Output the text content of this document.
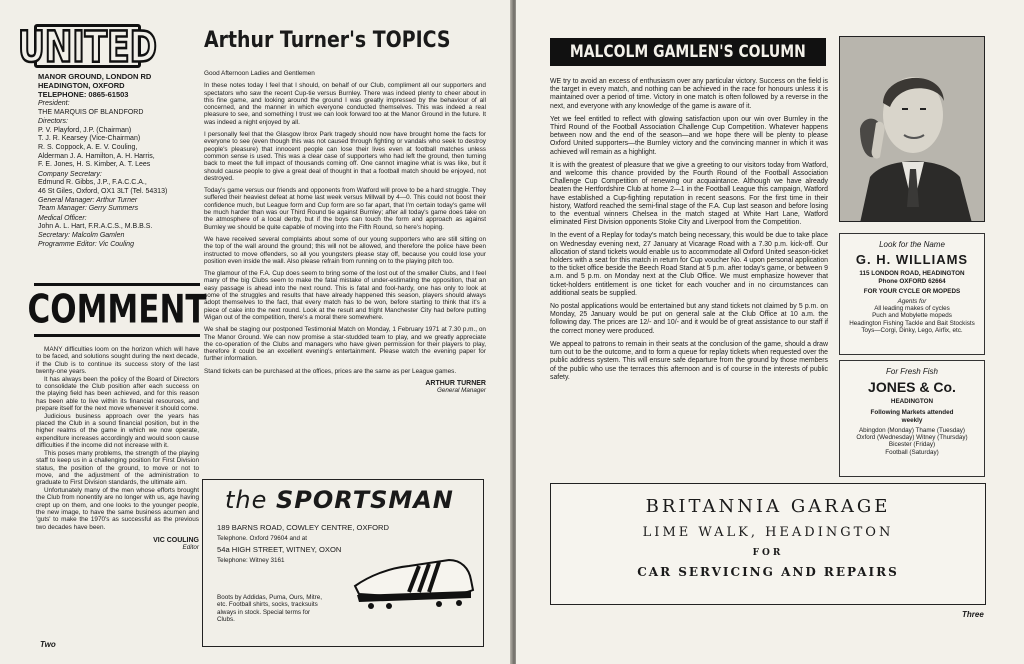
UNITED
MANOR GROUND, LONDON RD
HEADINGTON, OXFORD
TELEPHONE: 0865-61503
President:
THE MARQUIS OF BLANDFORD
Directors:
P. V. Playford, J.P. (Chairman)
T. J. R. Kearsey (Vice-Chairman)
R. S. Coppock, A. E. V. Couling,
Alderman J. A. Hamilton, A. H. Harris,
F. E. Jones, H. S. Kimber, A. T. Lees
Company Secretary:
Edmund R. Gibbs, J.P., F.A.C.C.A.,
46 St Giles, Oxford, OX1 3LT (Tel. 54313)
General Manager: Arthur Turner
Team Manager: Gerry Summers
Medical Officer:
John A. L. Hart, F.R.A.C.S., M.B.B.S.
Secretary: Malcolm Gamlen
Programme Editor: Vic Couling
COMMENT

MANY difficulties loom on the horizon which will have to be faced, and solutions sought during the next decade, if the Club is to continue its success story of the last twenty-one years.

It has always been the policy of the Board of Directors to consolidate the Club position after each success on the playing field has been achieved, and for this reason has been able to live within its financial resources, and prepare itself for the next move whenever it should come.

Judicious business approach over the years has placed the Club in a sound financial position, but in the higher realms of the game in which we now operate, expenditure increases accordingly and would soon cause difficulties if the income did not increase with it.

This poses many problems, the strength of the playing staff to keep us in a challenging position for First Division status, the position of the ground, to move or not to move, and the adjustment of the administration to graduate to First Division standards, the ultimate aim.

Unfortunately many of the men whose efforts brought the Club from nonentity are no longer with us, age having crept up on them, and one looks to the younger people, the new image, to have the same business acumen and 'guts' to make the 1970's as successful as the previous two decades have been.

VIC COULING
Editor
Arthur Turner's TOPICS

Good Afternoon Ladies and Gentlemen

In these notes today I feel that I should, on behalf of our Club, compliment all our supporters and spectators who saw the recent Cup-tie versus Burnley. There was indeed plenty to cheer about in this fine game, and looking around the ground I was greatly impressed by the behaviour of all concerned, and the manner in which everyone conducted themselves. This was indeed a real pleasure to see, and something I trust we can look forward too at the Manor Ground in the future. It was indeed a night enjoyed by all.

I personally feel that the Glasgow Ibrox Park tragedy should now have brought home the facts for everyone to see (even though this was not caused through fighting or vandals who seek to destroy people's pleasure) that innocent people can lose their lives even at football matches unless common sense is used. This was a clear case of supporters who had left the ground, then turning back to meet the full impact of thousands coming off. One cannot imagine what is was like, but it should cause people to give a great deal of thought in that a football match should be enjoyed, not destroyed.

Today's game versus our friends and opponents from Watford will prove to be a hard struggle. They suffered their heaviest defeat at home last week versus Millwall by 4—0. This could not boost their confidence much, but League form and Cup form are so far apart, that I'm certain today's game will be much harder than was our Third Round tie against Burnley; after all today's game does take on the atmosphere of a local derby, but if the boys can touch the form and approach as against Burnley we should be quite capable of moving into the Fifth Round, so here's hoping.

We have received several complaints about some of our young supporters who are still sitting on the top of the wall around the ground; this will not be allowed, and therefore the police have been instructed to move offenders, so all you youngsters please stay off, because you could lose your position even inside the wall. Also please refrain from running on to the playing pitch too.

The glamour of the F.A. Cup does seem to bring some of the lost out of the smaller Clubs, and I feel many of the big Clubs seem to make the fatal mistake of under-estimating the opposition, that an easy passage is ahead into the next round. This is fatal and fool-hardy, one has only to look at some of the struggles and results that have already happened this season, players should always adopt themselves to the fact, that every match has to be won, before starting to think that it's a piece of cake into the next round. Look at the result and fright Manchester City had before putting Wigan out of the competition, there's a moral there somewhere.

We shall be staging our postponed Testimonial Match on Monday, 1 February 1971 at 7.30 p.m., on The Manor Ground. We can now promise a star-studded team to play, and we greatly appreciate the co-operation of the Clubs and managers who have given permission for their players to play, therefore it could be an excellent evening's entertainment. Please watch the evening paper for further information.

Stand tickets can be purchased at the offices, prices are the same as per League games.

ARTHUR TURNER
General Manager
the SPORTSMAN
189 BARNS ROAD, COWLEY CENTRE, OXFORD
Telephone. Oxford 79604 and at
54a HIGH STREET, WITNEY, OXON
Telephone: Witney 3161
Boots by Addidas, Puma, Ours, Mitre, etc. Football shirts, socks, tracksuits always in stock. Special terms for Clubs.
Two
MALCOLM GAMLEN'S COLUMN

WE try to avoid an excess of enthusiasm over any particular victory. Success on the field is the target in every match, and nothing can be achieved in the race for honours unless it is maintained over a period of time. Victory in one match is often followed by a reverse in the next, and everyone with any knowledge of the game is aware of it.

Yet we feel entitled to reflect with glowing satisfaction upon our win over Burnley in the Third Round of the Football Association Challenge Cup Competition. Whatever happens between now and the end of the season—and we hope there will be plenty to please Oxford United supporters—the Burnley victory and the convincing manner in which it was achieved will remain as a highlight.

It is with the greatest of pleasure that we give a greeting to our visitors today from Watford, and welcome this chance provided by the Fourth Round of the Football Association Challenge Cup Competition of renewing our acquaintance. Although we have already beaten the Hertfordshire Club at home 2—1 in the Football League this campaign, Watford have established a Cup-fighting reputation in recent seasons. For the first time in their history, Watford reached the semi-final stage of the F.A. Cup last season and before losing to the eventual winners Chelsea in the match staged at White Hart Lane, Watford eliminated First Division opponents Stoke City and Liverpool from the Competition.

In the event of a Replay for today's match being necessary, this would be due to take place on Wednesday evening next, 27 January at Vicarage Road with a 7.30 p.m. kick-off. Our allocation of stand tickets would enable us to accommodate all Oxford United season-ticket holders with a seat for this match in return for Cup voucher No. 4 upon personal application to the ticket office beside the Beech Road Stand at 5 p.m. after today's game, or between 9 a.m. and 5 p.m. on Monday next at the Club Office. We must emphasize however that ticket-holders entitlement is one ticket for each voucher and in no circumstances can additional seats be supplied.

No postal applications would be entertained but any stand tickets not claimed by 5 p.m. on Monday, 25 January would be put on general sale at the Club Office at 10 a.m. the following day. The prices are 12/- and 10/- and it would be of great assistance to our staff if the correct money were produced.

We appeal to patrons to remain in their seats at the conclusion of the game, should a draw turn out to be the outcome, and to form a queue for replay tickets when requested over the public address system. This will ensure safe departure from the ground by those members of the public who use the terraces this afternoon and is of course in the interests of public safety.

Look for the Name
G. H. WILLIAMS
115 LONDON ROAD, HEADINGTON
Phone OXFORD 62664
FOR YOUR CYCLE OR MOPEDS
Agents for
All leading makes of cycles
Puch and Mobylette mopeds
Headington Fishing Tackle and Bait Stockists
Toys—Corgi, Dinky, Lego, Airfix, etc.
For Fresh Fish
JONES & Co.
HEADINGTON
Following Markets attended weekly
Abingdon (Monday) Thame (Tuesday)
Oxford (Wednesday) Witney (Thursday)
Bicester (Friday)
Football (Saturday)
BRITANNIA GARAGE
LIME WALK, HEADINGTON
FOR
CAR SERVICING AND REPAIRS
Three
